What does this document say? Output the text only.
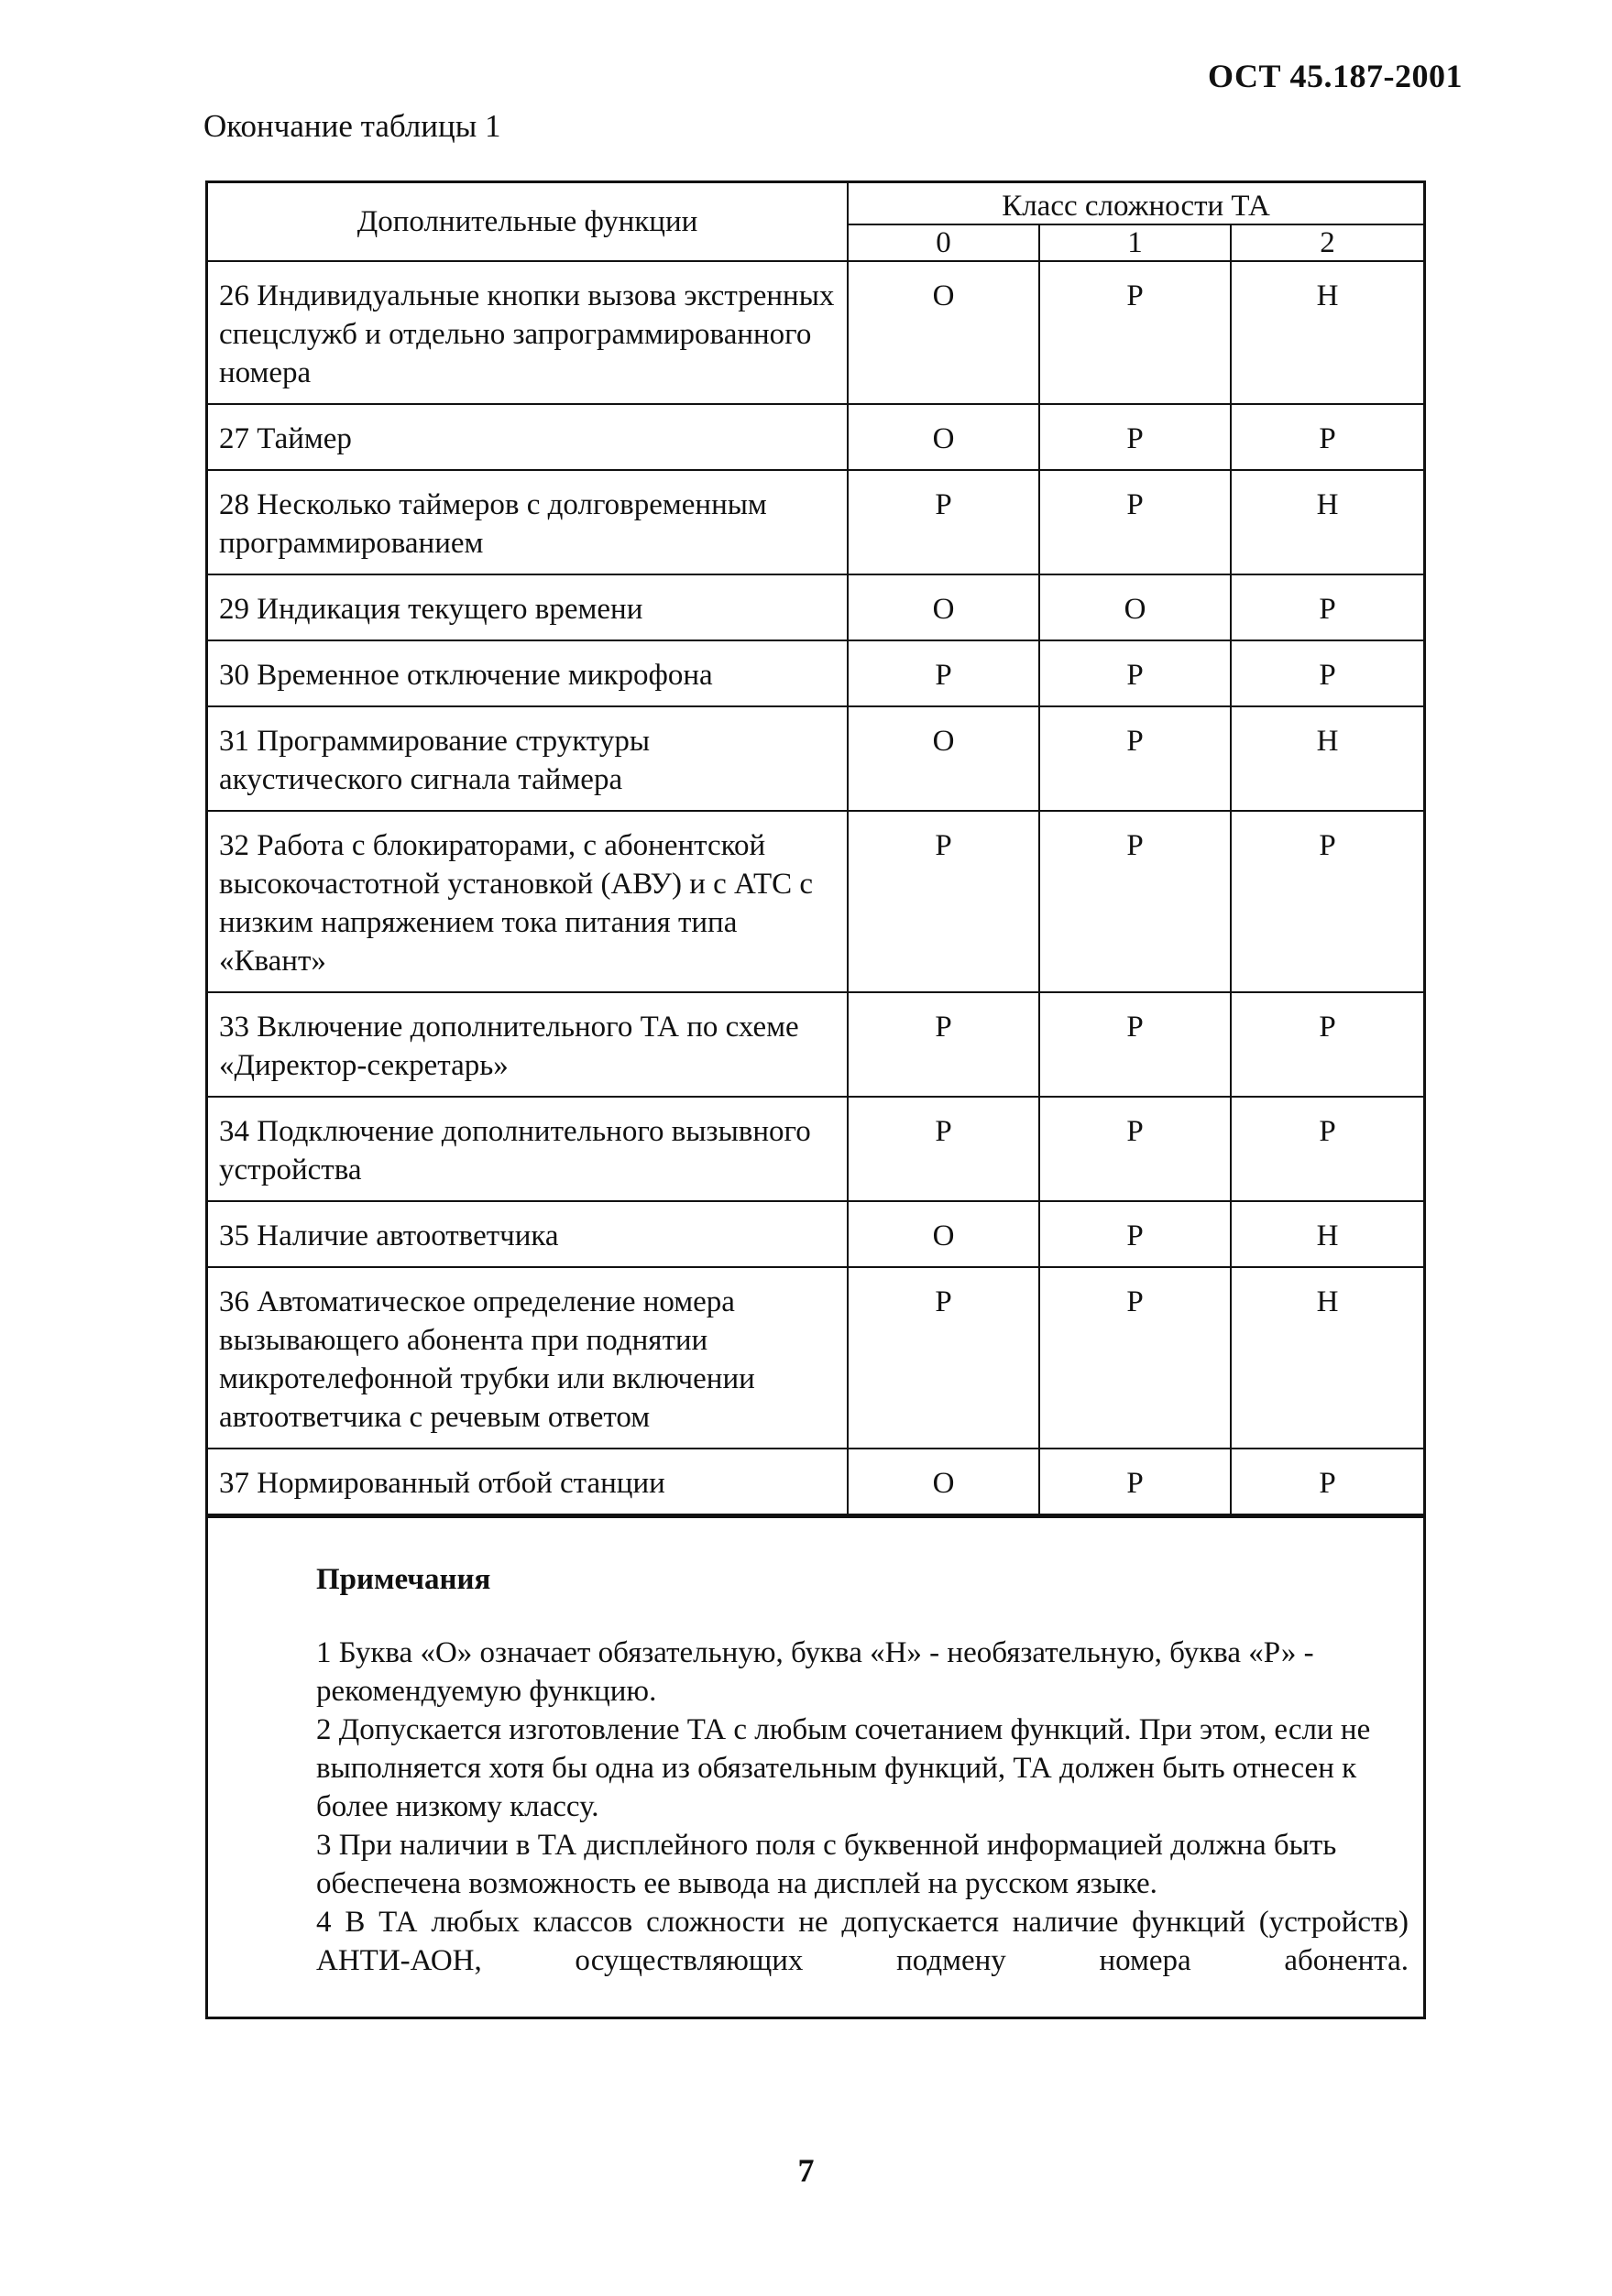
ОСТ 45.187-2001
Окончание таблицы 1
Дополнительные функции	Класс сложности ТА		
	0	1	2
26 Индивидуальные кнопки вызова экстренных спецслужб и отдельно запрограммированного номера	О	Р	Н
27 Таймер	О	Р	Р
28 Несколько таймеров с долговременным программированием	Р	Р	Н
29 Индикация текущего времени	О	О	Р
30 Временное отключение микрофона	Р	Р	Р
31 Программирование структуры акустического сигнала таймера	О	Р	Н
32 Работа с блокираторами, с абонентской высокочастотной установкой (АВУ) и с АТС с низким напряжением тока питания типа «Квант»	Р	Р	Р
33 Включение дополнительного ТА по схеме «Директор-секретарь»	Р	Р	Р
34 Подключение дополнительного вызывного устройства	Р	Р	Р
35 Наличие автоответчика	О	Р	Н
36 Автоматическое определение номера вызывающего абонента при поднятии микротелефонной трубки или включении автоответчика с речевым ответом	Р	Р	Н
37 Нормированный отбой станции	О	Р	Р
Примечания

1 Буква «О» означает обязательную, буква «Н» - необязательную, буква «Р» - рекомендуемую функцию.

2 Допускается изготовление ТА с любым сочетанием функций. При этом, если не выполняется хотя бы одна из обязательным функций, ТА должен быть отнесен к более низкому классу.

3 При наличии в ТА дисплейного поля с буквенной информацией должна быть обеспечена возможность ее вывода на дисплей на русском языке.

4 В ТА любых классов сложности не допускается наличие функций (устройств) АНТИ-АОН, осуществляющих подмену номера абонента.

7
